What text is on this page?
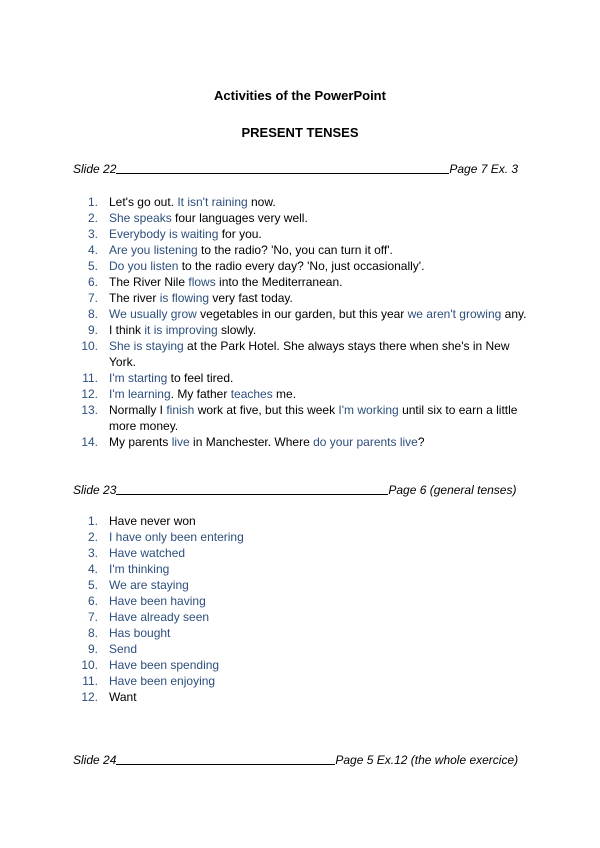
Activities of the PowerPoint
PRESENT TENSES
Slide 22	Page 7 Ex. 3
1. Let's go out. It isn't raining now.
2. She speaks four languages very well.
3. Everybody is waiting for you.
4. Are you listening to the radio? 'No, you can turn it off'.
5. Do you listen to the radio every day? 'No, just occasionally'.
6. The River Nile flows into the Mediterranean.
7. The river is flowing very fast today.
8. We usually grow vegetables in our garden, but this year we aren't growing any.
9. I think it is improving slowly.
10. She is staying at the Park Hotel. She always stays there when she's in New York.
11. I'm starting to feel tired.
12. I'm learning. My father teaches me.
13. Normally I finish work at five, but this week I'm working until six to earn a little more money.
14. My parents live in Manchester. Where do your parents live?
Slide 23	Page 6 (general tenses)
1. Have never won
2. I have only been entering
3. Have watched
4. I'm thinking
5. We are staying
6. Have been having
7. Have already seen
8. Has bought
9. Send
10. Have been spending
11. Have been enjoying
12. Want
Slide 24	Page 5 Ex.12 (the whole exercice)
